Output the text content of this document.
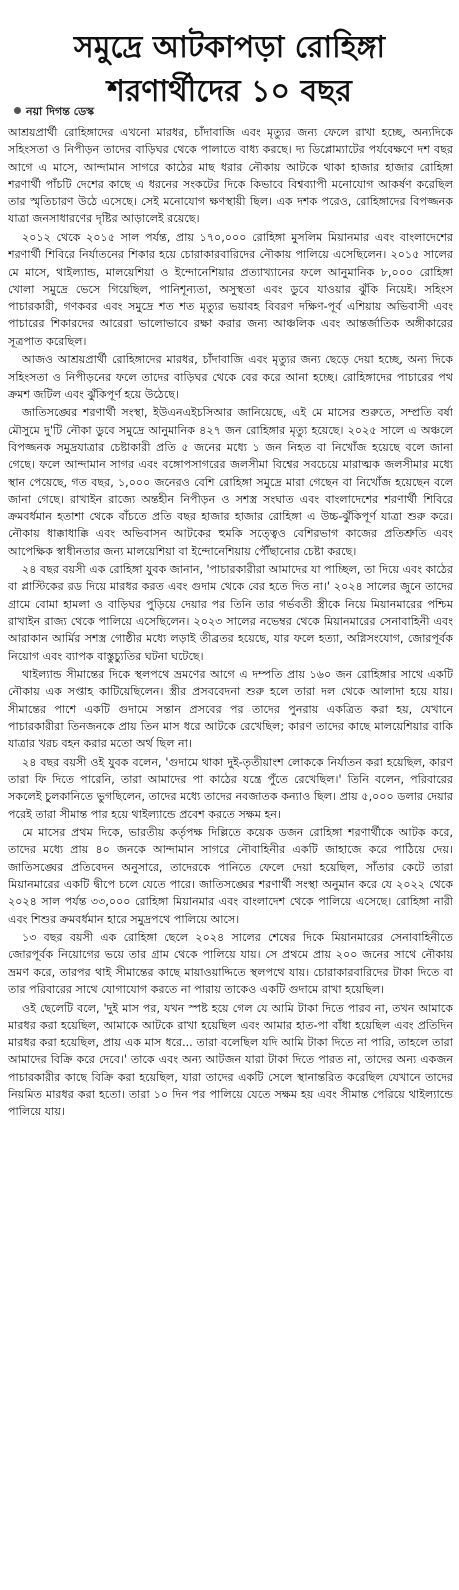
সমুদ্রে আটকাপড়া রোহিঙ্গা শরণার্থীদের ১০ বছর
নয়া দিগন্ত ডেস্ক

আশ্রয়প্রার্থী রোহিঙ্গাদের এখনো মারধর, চাঁদাবাজি এবং মৃত্যুর জন্য ফেলে রাখা হচ্ছে, অন্যদিকে সহিংসতা ও নিপীড়ন তাদের বাড়িঘর থেকে পালাতে বাধ্য করছে। দ্য ডিপ্লোম্যাটের পর্যবেক্ষণে দশ বছর আগে এ মাসে, আন্দামান সাগরে কাঠের মাছ ধরার নৌকায় আটকে থাকা হাজার হাজার রোহিঙ্গা শরণার্থী পাঁচটি দেশের কাছে এ ধরনের সংকটের দিকে কিভাবে বিশ্বব্যাপী মনোযোগ আকর্ষণ করেছিল তার স্মৃতিচারণ উঠে এসেছে। সেই মনোযোগ ক্ষণস্থায়ী ছিল। এক দশক পরেও, রোহিঙ্গাদের বিপজ্জনক যাত্রা জনসাধারণের দৃষ্টির আড়ালেই রয়েছে।

২০১২ থেকে ২০১৫ সাল পর্যন্ত, প্রায় ১৭০,০০০ রোহিঙ্গা মুসলিম মিয়ানমার এবং বাংলাদেশের শরণার্থী শিবিরে নির্যাতনের শিকার হয়ে চোরাকারবারিদের নৌকায় পালিয়ে এসেছিলেন। ২০১৫ সালের মে মাসে, থাইল্যান্ড, মালয়েশিয়া ও ইন্দোনেশিয়ার প্রত্যাখ্যানের ফলে আনুমানিক ৮,০০০ রোহিঙ্গা খোলা সমুদ্রে ভেসে গিয়েছিল, পানিশূন্যতা, অসুস্থতা এবং ডুবে যাওয়ার ঝুঁকি নিয়েই। সহিংস পাচারকারী, গণকবর এবং সমুদ্রে শত শত মৃত্যুর ভয়াবহ বিবরণ দক্ষিণ-পূর্ব এশিয়ায় অভিবাসী এবং পাচারের শিকারদের আরেরা ভালোভাবে রক্ষা করার জন্য আঞ্চলিক এবং আন্তর্জাতিক অঙ্গীকারের সূত্রপাত করেছিল।

আজও আশ্রয়প্রার্থী রোহিঙ্গাদের মারধর, চাঁদাবাজি এবং মৃত্যুর জন্য ছেড়ে দেয়া হচ্ছে, অন্য দিকে সহিংসতা ও নিপীড়নের ফলে তাদের বাড়িঘর থেকে বের করে আনা হচ্ছে। রোহিঙ্গাদের পাচারের পথ ক্রমশ জটিল এবং ঝুঁকিপূর্ণ হয়ে উঠেছে।

জাতিসঙ্ঘের শরণার্থী সংস্থা, ইউএনএইচসিআর জানিয়েছে, এই মে মাসের শুরুতে, সম্প্রতি বর্ষা মৌসুমে দু'টি নৌকা ডুবে সমুদ্রে আনুমানিক ৪২৭ জন রোহিঙ্গার মৃত্যু হয়েছে। ২০২৫ সালে এ অঞ্চলে বিপজ্জনক সমুদ্রযাত্রার চেষ্টাকারী প্রতি ৫ জনের মধ্যে ১ জন নিহত বা নিখোঁজ হয়েছে বলে জানা গেছে। ফলে আন্দামান সাগর এবং বঙ্গোপসাগরের জলসীমা বিশ্বের সবচেয়ে মারাত্মক জলসীমার মধ্যে স্থান পেয়েছে, গত বছর, ১,০০০ জনেরও বেশি রোহিঙ্গা সমুদ্রে মারা গেছেন বা নিখোঁজ হয়েছেন বলে জানা গেছে। রাখাইন রাজ্যে অন্তহীন নিপীড়ন ও সশস্ত্র সংঘাত এবং বাংলাদেশের শরণার্থী শিবিরে ক্রমবর্ধমান হতাশা থেকে বাঁচতে প্রতি বছর হাজার হাজার রোহিঙ্গা এ উচ্চ-ঝুঁকিপূর্ণ যাত্রা শুরু করে। নৌকায় ধাক্কাধাক্কি এবং অভিবাসন আটকের হুমকি সত্ত্বেও বেশিরভাগ কাজের প্রতিশ্রুতি এবং আপেক্ষিক স্বাধীনতার জন্য মালয়েশিয়া বা ইন্দোনেশিয়ায় পৌঁছানোর চেষ্টা করছে।

২৪ বছর বয়সী এক রোহিঙ্গা যুবক জানান, 'পাচারকারীরা আমাদের যা পাচ্ছিল, তা দিয়ে এবং কাঠের বা প্লাস্টিকের রড দিয়ে মারধর করত এবং গুদাম থেকে বের হতে দিত না।' ২০২৪ সালের জুনে তাদের গ্রামে বোমা হামলা ও বাড়িঘর পুড়িয়ে দেয়ার পর তিনি তার গর্ভবতী স্ত্রীকে নিয়ে মিয়ানমারের পশ্চিম রাখাইন রাজ্য থেকে পালিয়ে এসেছিলেন। ২০২৩ সালের নভেম্বর থেকে মিয়ানমারের সেনাবাহিনী এবং আরাকান আর্মির সশস্ত্র গোষ্ঠীর মধ্যে লড়াই তীব্রতর হয়েছে, যার ফলে হত্যা, অগ্নিসংযোগ, জোরপূর্বক নিয়োগ এবং ব্যাপক বাস্তুচ্যুতির ঘটনা ঘটেছে।

থাইল্যান্ড সীমান্তের দিকে স্থলপথে ভ্রমণের আগে এ দম্পতি প্রায় ১৬০ জন রোহিঙ্গার সাথে একটি নৌকায় এক সপ্তাহ কাটিয়েছিলেন। স্ত্রীর প্রসববেদনা শুরু হলে তারা দল থেকে আলাদা হয়ে যায়। সীমান্তের পাশে একটি গুদামে সন্তান প্রসবের পর তাদের পুনরায় একত্রিত করা হয়, যেখানে পাচারকারীরা তিনজনকে প্রায় তিন মাস ধরে আটকে রেখেছিল; কারণ তাদের কাছে মালয়েশিয়ার বাকি যাত্রার খরচ বহন করার মতো অর্থ ছিল না।

২৪ বছর বয়সী ওই যুবক বলেন, 'গুদামে থাকা দুই-তৃতীয়াংশ লোককে নির্যাতন করা হয়েছিল, কারণ তারা ফি দিতে পারেনি, তারা আমাদের পা কাঠের যন্ত্রে পুঁতে রেখেছিল।' তিনি বলেন, পরিবারের সকলেই চুলকানিতে ভুগছিলেন, তাদের মধ্যে তাদের নবজাতক কন্যাও ছিল। প্রায় ৫,০০০ ডলার দেয়ার পরেই তারা সীমান্ত পার হয়ে থাইল্যান্ডে প্রবেশ করতে সক্ষম হন।

মে মাসের প্রথম দিকে, ভারতীয় কর্তৃপক্ষ দিল্লিতে কয়েক ডজন রোহিঙ্গা শরণার্থীকে আটক করে, তাদের মধ্যে প্রায় ৪০ জনকে আন্দামান সাগরে নৌবাহিনীর একটি জাহাজে করে পাঠিয়ে দেয়। জাতিসঙ্ঘের প্রতিবেদন অনুসারে, তাদেরকে পানিতে ফেলে দেয়া হয়েছিল, সাঁতার কেটে তারা মিয়ানমারের একটি দ্বীপে চলে যেতে পারে। জাতিসঙ্ঘের শরণার্থী সংস্থা অনুমান করে যে ২০২২ থেকে ২০২৪ সাল পর্যন্ত ৩৩,০০০ রোহিঙ্গা মিয়ানমার এবং বাংলাদেশ থেকে পালিয়ে এসেছে। রোহিঙ্গা নারী এবং শিশুর ক্রমবর্ধমান হারে সমুদ্রপথে পালিয়ে আসে।

১৩ বছর বয়সী এক রোহিঙ্গা ছেলে ২০২৪ সালের শেষের দিকে মিয়ানমারের সেনাবাহিনীতে জোরপূর্বক নিয়োগের ভয়ে তার গ্রাম থেকে পালিয়ে যায়। সে প্রথমে প্রায় ২০০ জনের সাথে নৌকায় ভ্রমণ করে, তারপর থাই সীমান্তের কাছে মায়াওয়াদ্দিতে স্থলপথে যায়। চোরাকারবারিদের টাকা দিতে বা তার পরিবারের সাথে যোগাযোগ করতে না পারায় তাকেও একটি গুদামে রাখা হয়েছিল।

ওই ছেলেটি বলে, 'দুই মাস পর, যখন স্পষ্ট হয়ে গেল যে আমি টাকা দিতে পারব না, তখন আমাকে মারধর করা হয়েছিল, আমাকে আটকে রাখা হয়েছিল এবং আমার হাত-পা বাঁধা হয়েছিল এবং প্রতিদিন মারধর করা হয়েছিল, প্রায় এক মাস ধরে... তারা বলেছিল যদি আমি টাকা দিতে না পারি, তাহলে তারা আমাদের বিক্রি করে দেবে।' তাকে এবং অন্য আটজন যারা টাকা দিতে পারত না, তাদের অন্য একজন পাচারকারীর কাছে বিক্রি করা হয়েছিল, যারা তাদের একটি সেলে স্থানান্তরিত করেছিল যেখানে তাদের নিয়মিত মারধর করা হতো। তারা ১০ দিন পর পালিয়ে যেতে সক্ষম হয় এবং সীমান্ত পেরিয়ে থাইল্যান্ডে পালিয়ে যায়।
